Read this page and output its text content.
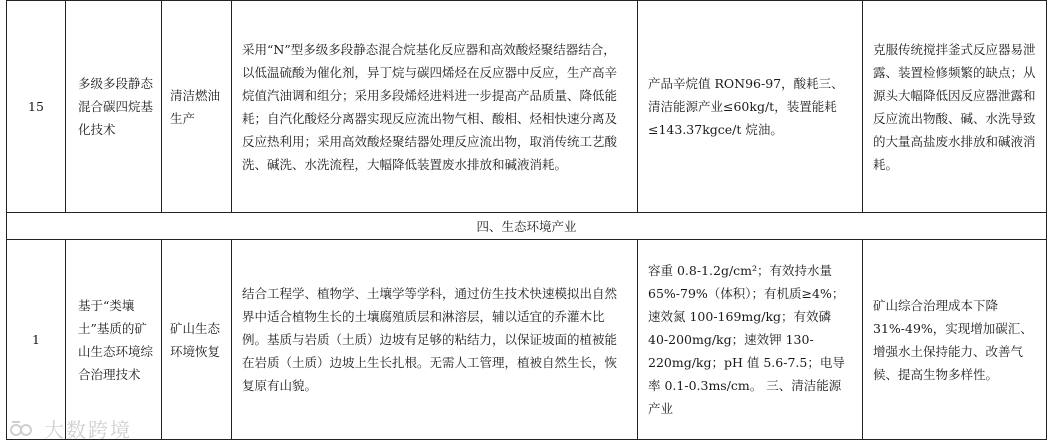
15	多级多段静态混合碳四烷基化技术	清洁燃油生产	采用“N”型多级多段静态混合烷基化反应器和高效酸烃聚结器结合，以低温硫酸为催化剂，异丁烷与碳四烯烃在反应器中反应，生产高辛烷值汽油调和组分；采用多段烯烃进料进一步提高产品质量、降低能耗；自汽化酸烃分离器实现反应流出物气相、酸相、烃相快速分离及反应热利用；采用高效酸烃聚结器处理反应流出物，取消传统工艺酸洗、碱洗、水洗流程，大幅降低装置废水排放和碱液消耗。	产品辛烷值 RON96-97，酸耗三、清洁能源产业≤60kg/t，装置能耗≤143.37kgce/t 烷油。	克服传统搅拌釜式反应器易泄露、装置检修频繁的缺点；从源头大幅降低因反应器泄露和反应流出物酸、碱、水洗导致的大量高盐废水排放和碱液消耗。
四、生态环境产业					
1	基于“类壤土”基质的矿山生态环境综合治理技术	矿山生态环境恢复	结合工程学、植物学、土壤学等学科，通过仿生技术快速模拟出自然界中适合植物生长的土壤腐殖质层和淋溶层，辅以适宜的乔灌木比例。基质与岩质（土质）边坡有足够的粘结力，以保证坡面的植被能在岩质（土质）边坡上生长扎根。无需人工管理，植被自然生长，恢复原有山貌。	容重 0.8-1.2g/cm²；有效持水量 65%-79%（体积）；有机质≥4%；速效氮 100-169mg/kg；有效磷 40-200mg/kg；速效钾 130-220mg/kg；pH 值 5.6-7.5；电导率 0.1-0.3ms/cm。 三、清洁能源产业	矿山综合治理成本下降 31%-49%，实现增加碳汇、增强水土保持能力、改善气候、提高生物多样性。
大数跨境
